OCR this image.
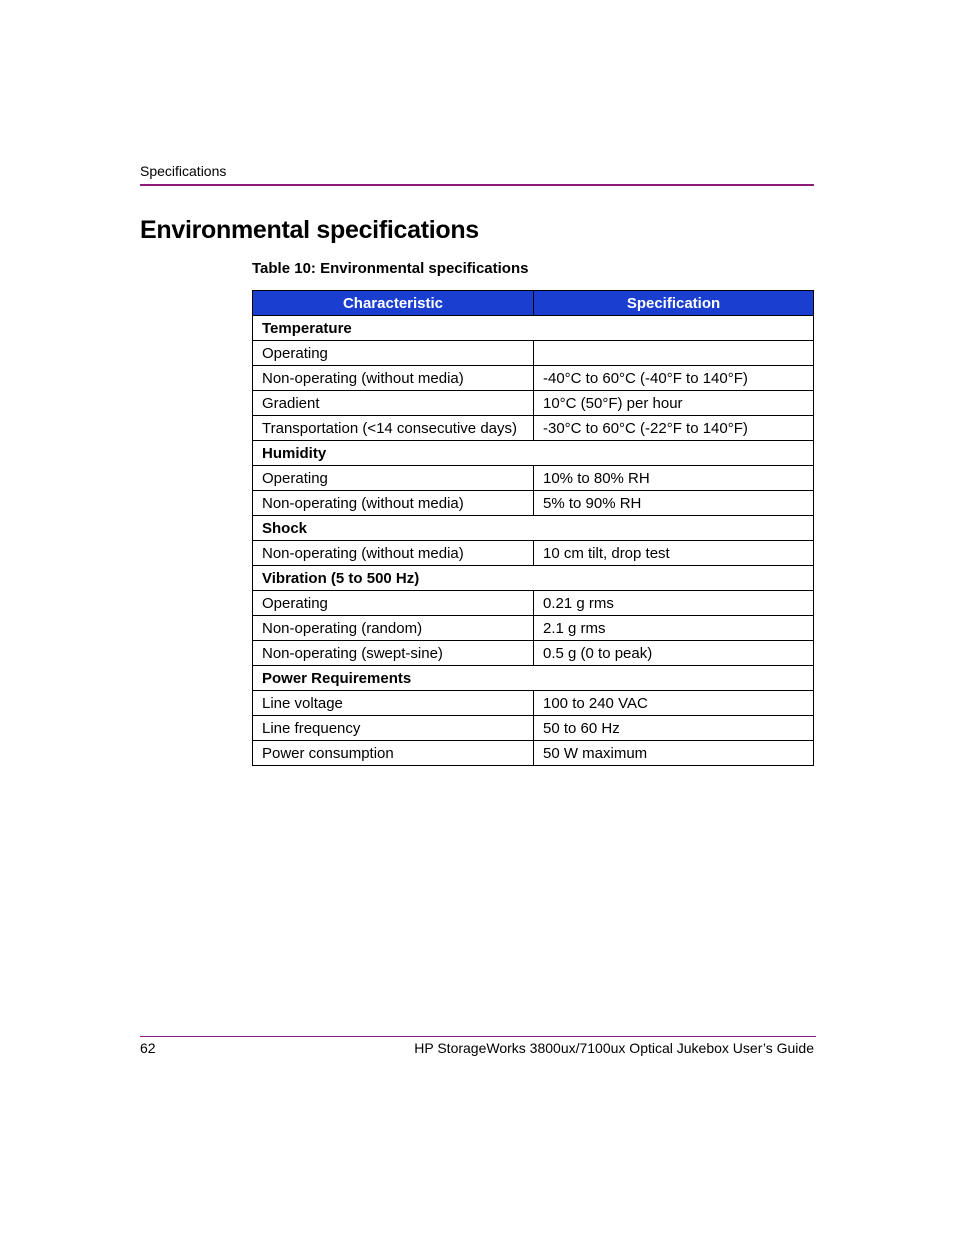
Specifications
Environmental specifications
Table 10: Environmental specifications
Characteristic	Specification
Temperature	
Operating	
Non-operating (without media)	-40°C to 60°C (-40°F to 140°F)
Gradient	10°C (50°F) per hour
Transportation (<14 consecutive days)	-30°C to 60°C (-22°F to 140°F)
Humidity	
Operating	10% to 80% RH
Non-operating (without media)	5% to 90% RH
Shock	
Non-operating (without media)	10 cm tilt, drop test
Vibration (5 to 500 Hz)	
Operating	0.21 g rms
Non-operating (random)	2.1 g rms
Non-operating (swept-sine)	0.5 g (0 to peak)
Power Requirements	
Line voltage	100 to 240 VAC
Line frequency	50 to 60 Hz
Power consumption	50 W maximum
62	HP StorageWorks 3800ux/7100ux Optical Jukebox User’s Guide
